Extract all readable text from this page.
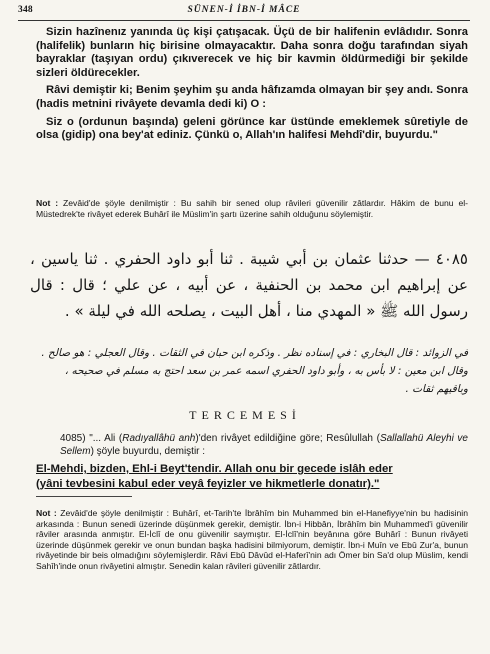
348	SÜNEN-İ İBN-İ MÂCE

Sizin hazînenız yanında üç kişi çatışacak. Üçü de bir halifenin evlâdıdır. Sonra (halifelik) bunların hiç birisine olmayacaktır. Daha sonra doğu tarafından siyah bayraklar (taşıyan ordu) çıkıverecek ve hiç bir kavmin öldürmediği bir şekilde sizleri öldürecekler.

Râvi demiştir ki; Benim şeyhim şu anda hâfızamda olmayan bir şey andı. Sonra (hadis metnini rivâyete devamla dedi ki) O :

Siz o (ordunun başında) geleni görünce kar üstünde emeklemek sûretiyle de olsa (gidip) ona bey'at ediniz. Çünkü o, Allah'ın halifesi Mehdî'dir, buyurdu."

Not : Zevâid'de şöyle denilmiştir : Bu sahih bir sened olup râvileri güvenilir zâtlardır. Hâkim de bunu el-Müstedrek'te rivâyet ederek Buhârî ile Müslim'in şartı üzerine sahih olduğunu söylemiştir.
٤٠٨٥ — حدثنا عثمان بن أبي شيبة . ثنا أبو داود الحفري . ثنا ياسين ، عن إبراهيم ابن محمد بن الحنفية ، عن أبيه ، عن علي ؛ قال : قال رسول الله ﷺ « المهدي منا ، أهل البيت ، يصلحه الله في ليلة » .
في الزوائد : قال البخاري : في إسناده نظر . وذكره ابن حبان في الثقات . وقال العجلي : هو صالح .
وقال ابن معين : لا بأس به ، وأبو داود الحفري اسمه عمر بن سعد احتج به مسلم في صحيحه ، وباقيهم ثقات .
TERCEMESİ
4085) "... Ali (Radıyallâhü anh)'den rivâyet edildiğine göre; Resûlullah (Sallallahü Aleyhi ve Sellem) şöyle buyurdu, demiştir :
El-Mehdi, bizden, Ehl-i Beyt'tendir. Allah onu bir gecede islâh eder
(yâni tevbesini kabul eder veyâ feyizler ve hikmetlerle donatır)."
Not : Zevâid'de şöyle denilmiştir : Buhârî, et-Tarih'te İbrâhîm bin Muhammed bin el-Hanefiyye'nin bu hadisinin arkasında : Bunun senedi üzerinde düşünmek gerekir, demiştir. İbn-i Hibbân, İbrâhîm bin Muhammed'i güvenilir râviler arasında anmıştır. El-İclî de onu güvenilir saymıştır. El-İclî'nin beyânına göre Buhârî : Bunun rivâyeti üzerinde düşünmek gerekir ve onun bundan başka hadisini bilmiyorum, demiştir. İbn-i Muîn ve Ebû Zur'a, bunun rivâyetinde bir beis olmadığını söylemişlerdir. Râvi Ebû Dâvûd el-Haferî'nin adı Ömer bin Sa'd olup Müslim, kendi Sahîh'inde onun rivâyetini almıştır. Senedin kalan râvileri güvenilir zâtlardır.
